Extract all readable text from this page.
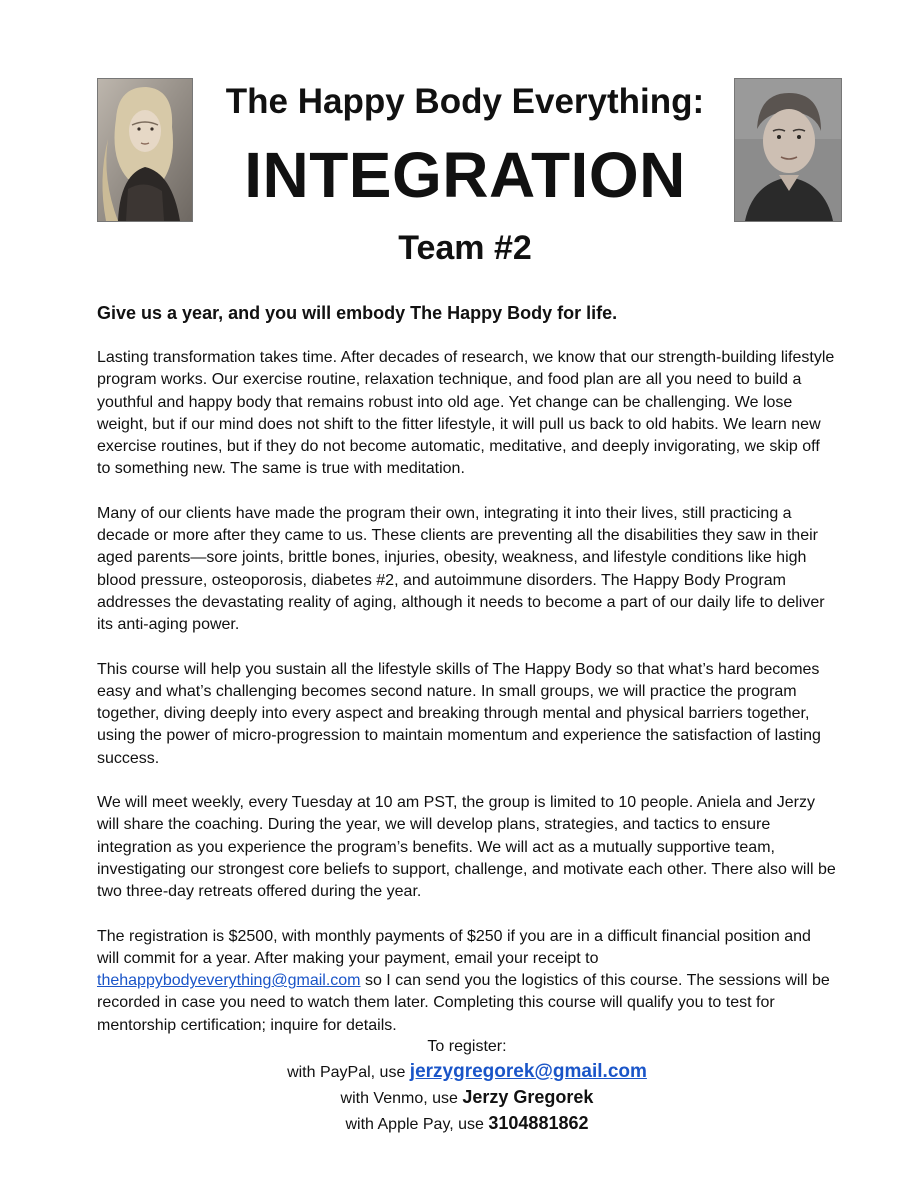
The Happy Body Everything:
INTEGRATION
Team #2
Give us a year, and you will embody The Happy Body for life.

Lasting transformation takes time. After decades of research, we know that our strength-building lifestyle program works. Our exercise routine, relaxation technique, and food plan are all you need to build a youthful and happy body that remains robust into old age. Yet change can be challenging. We lose weight, but if our mind does not shift to the fitter lifestyle, it will pull us back to old habits. We learn new exercise routines, but if they do not become automatic, meditative, and deeply invigorating, we skip off to something new. The same is true with meditation.

Many of our clients have made the program their own, integrating it into their lives, still practicing a decade or more after they came to us. These clients are preventing all the disabilities they saw in their aged parents—sore joints, brittle bones, injuries, obesity, weakness, and lifestyle conditions like high blood pressure, osteoporosis, diabetes #2, and autoimmune disorders. The Happy Body Program addresses the devastating reality of aging, although it needs to become a part of our daily life to deliver its anti-aging power.

This course will help you sustain all the lifestyle skills of The Happy Body so that what’s hard becomes easy and what’s challenging becomes second nature. In small groups, we will practice the program together, diving deeply into every aspect and breaking through mental and physical barriers together, using the power of micro-progression to maintain momentum and experience the satisfaction of lasting success.

We will meet weekly, every Tuesday at 10 am PST, the group is limited to 10 people. Aniela and Jerzy will share the coaching. During the year, we will develop plans, strategies, and tactics to ensure integration as you experience the program’s benefits. We will act as a mutually supportive team, investigating our strongest core beliefs to support, challenge, and motivate each other. There also will be two three-day retreats offered during the year.

The registration is $2500, with monthly payments of $250 if you are in a difficult financial position and will commit for a year. After making your payment, email your receipt to thehappybodyeverything@gmail.com so I can send you the logistics of this course. The sessions will be recorded in case you need to watch them later. Completing this course will qualify you to test for mentorship certification; inquire for details.

To register:
with PayPal, use jerzygregorek@gmail.com
with Venmo, use Jerzy Gregorek
with Apple Pay, use 3104881862
